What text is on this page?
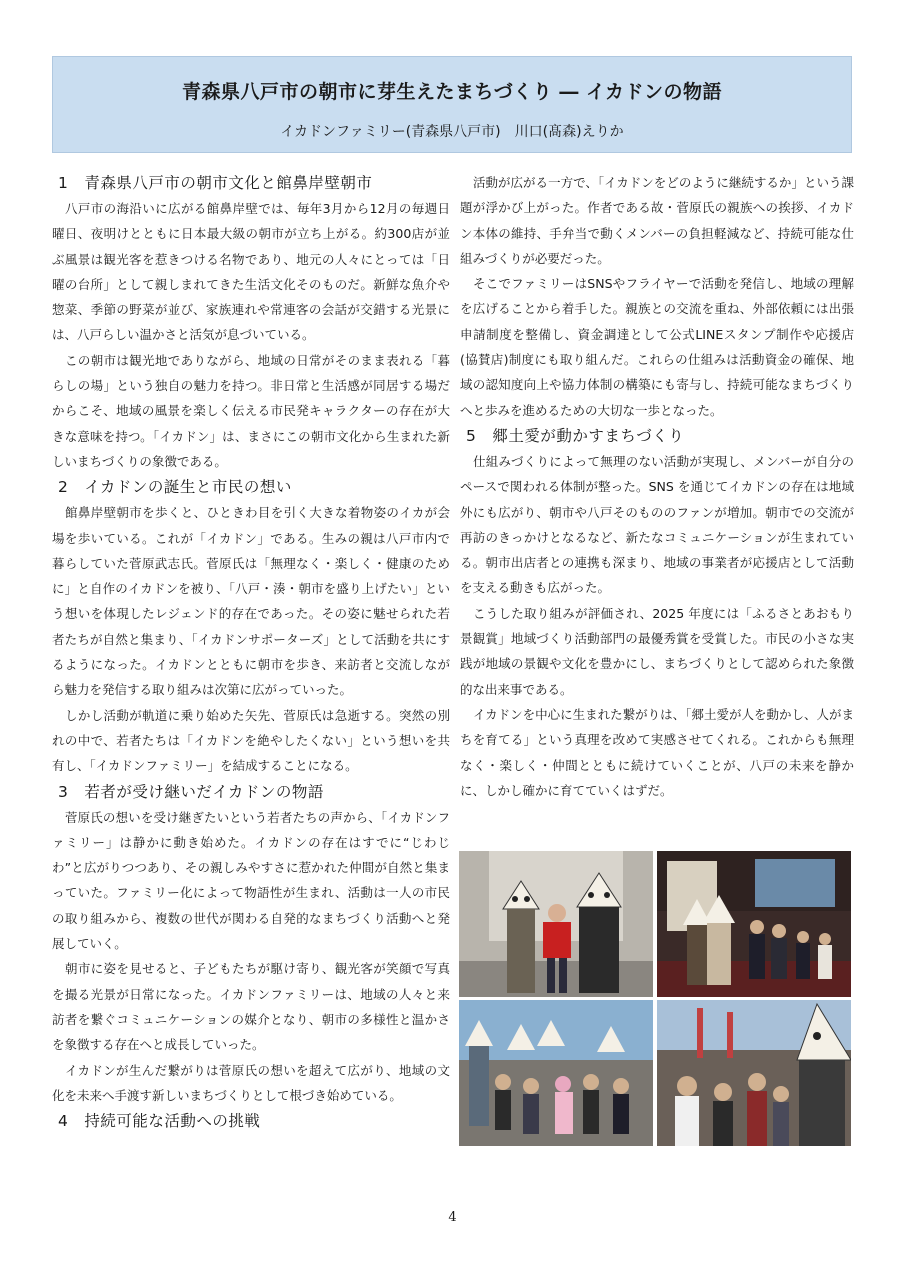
青森県八戸市の朝市に芽生えたまちづくり ― イカドンの物語
イカドンファミリー(青森県八戸市)　川口(髙森)えりか
1　青森県八戸市の朝市文化と館鼻岸壁朝市

八戸市の海沿いに広がる館鼻岸壁では、毎年3月から12月の毎週日曜日、夜明けとともに日本最大級の朝市が立ち上がる。約300店が並ぶ風景は観光客を惹きつける名物であり、地元の人々にとっては「日曜の台所」として親しまれてきた生活文化そのものだ。新鮮な魚介や惣菜、季節の野菜が並び、家族連れや常連客の会話が交錯する光景には、八戸らしい温かさと活気が息づいている。

この朝市は観光地でありながら、地域の日常がそのまま表れる「暮らしの場」という独自の魅力を持つ。非日常と生活感が同居する場だからこそ、地域の風景を楽しく伝える市民発キャラクターの存在が大きな意味を持つ。「イカドン」は、まさにこの朝市文化から生まれた新しいまちづくりの象徴である。

2　イカドンの誕生と市民の想い

館鼻岸壁朝市を歩くと、ひときわ目を引く大きな着物姿のイカが会場を歩いている。これが「イカドン」である。生みの親は八戸市内で暮らしていた菅原武志氏。菅原氏は「無理なく・楽しく・健康のために」と自作のイカドンを被り、「八戸・湊・朝市を盛り上げたい」という想いを体現したレジェンド的存在であった。その姿に魅せられた若者たちが自然と集まり、「イカドンサポーターズ」として活動を共にするようになった。イカドンとともに朝市を歩き、来訪者と交流しながら魅力を発信する取り組みは次第に広がっていった。

しかし活動が軌道に乗り始めた矢先、菅原氏は急逝する。突然の別れの中で、若者たちは「イカドンを絶やしたくない」という想いを共有し、「イカドンファミリー」を結成することになる。

3　若者が受け継いだイカドンの物語

菅原氏の想いを受け継ぎたいという若者たちの声から、「イカドンファミリー」は静かに動き始めた。イカドンの存在はすでに“じわじわ”と広がりつつあり、その親しみやすさに惹かれた仲間が自然と集まっていた。ファミリー化によって物語性が生まれ、活動は一人の市民の取り組みから、複数の世代が関わる自発的なまちづくり活動へと発展していく。

朝市に姿を見せると、子どもたちが駆け寄り、観光客が笑顔で写真を撮る光景が日常になった。イカドンファミリーは、地域の人々と来訪者を繋ぐコミュニケーションの媒介となり、朝市の多様性と温かさを象徴する存在へと成長していった。

イカドンが生んだ繋がりは菅原氏の想いを超えて広がり、地域の文化を未来へ手渡す新しいまちづくりとして根づき始めている。

4　持続可能な活動への挑戦

活動が広がる一方で、「イカドンをどのように継続するか」という課題が浮かび上がった。作者である故・菅原氏の親族への挨拶、イカドン本体の維持、手弁当で動くメンバーの負担軽減など、持続可能な仕組みづくりが必要だった。

そこでファミリーはSNSやフライヤーで活動を発信し、地域の理解を広げることから着手した。親族との交流を重ね、外部依頼には出張申請制度を整備し、資金調達として公式LINEスタンプ制作や応援店(協賛店)制度にも取り組んだ。これらの仕組みは活動資金の確保、地域の認知度向上や協力体制の構築にも寄与し、持続可能なまちづくりへと歩みを進めるための大切な一歩となった。

5　郷土愛が動かすまちづくり

仕組みづくりによって無理のない活動が実現し、メンバーが自分のペースで関われる体制が整った。SNS を通じてイカドンの存在は地域外にも広がり、朝市や八戸そのもののファンが増加。朝市での交流が再訪のきっかけとなるなど、新たなコミュニケーションが生まれている。朝市出店者との連携も深まり、地域の事業者が応援店として活動を支える動きも広がった。

こうした取り組みが評価され、2025 年度には「ふるさとあおもり景観賞」地域づくり活動部門の最優秀賞を受賞した。市民の小さな実践が地域の景観や文化を豊かにし、まちづくりとして認められた象徴的な出来事である。

イカドンを中心に生まれた繋がりは、「郷土愛が人を動かし、人がまちを育てる」という真理を改めて実感させてくれる。これからも無理なく・楽しく・仲間とともに続けていくことが、八戸の未来を静かに、しかし確かに育てていくはずだ。

4
